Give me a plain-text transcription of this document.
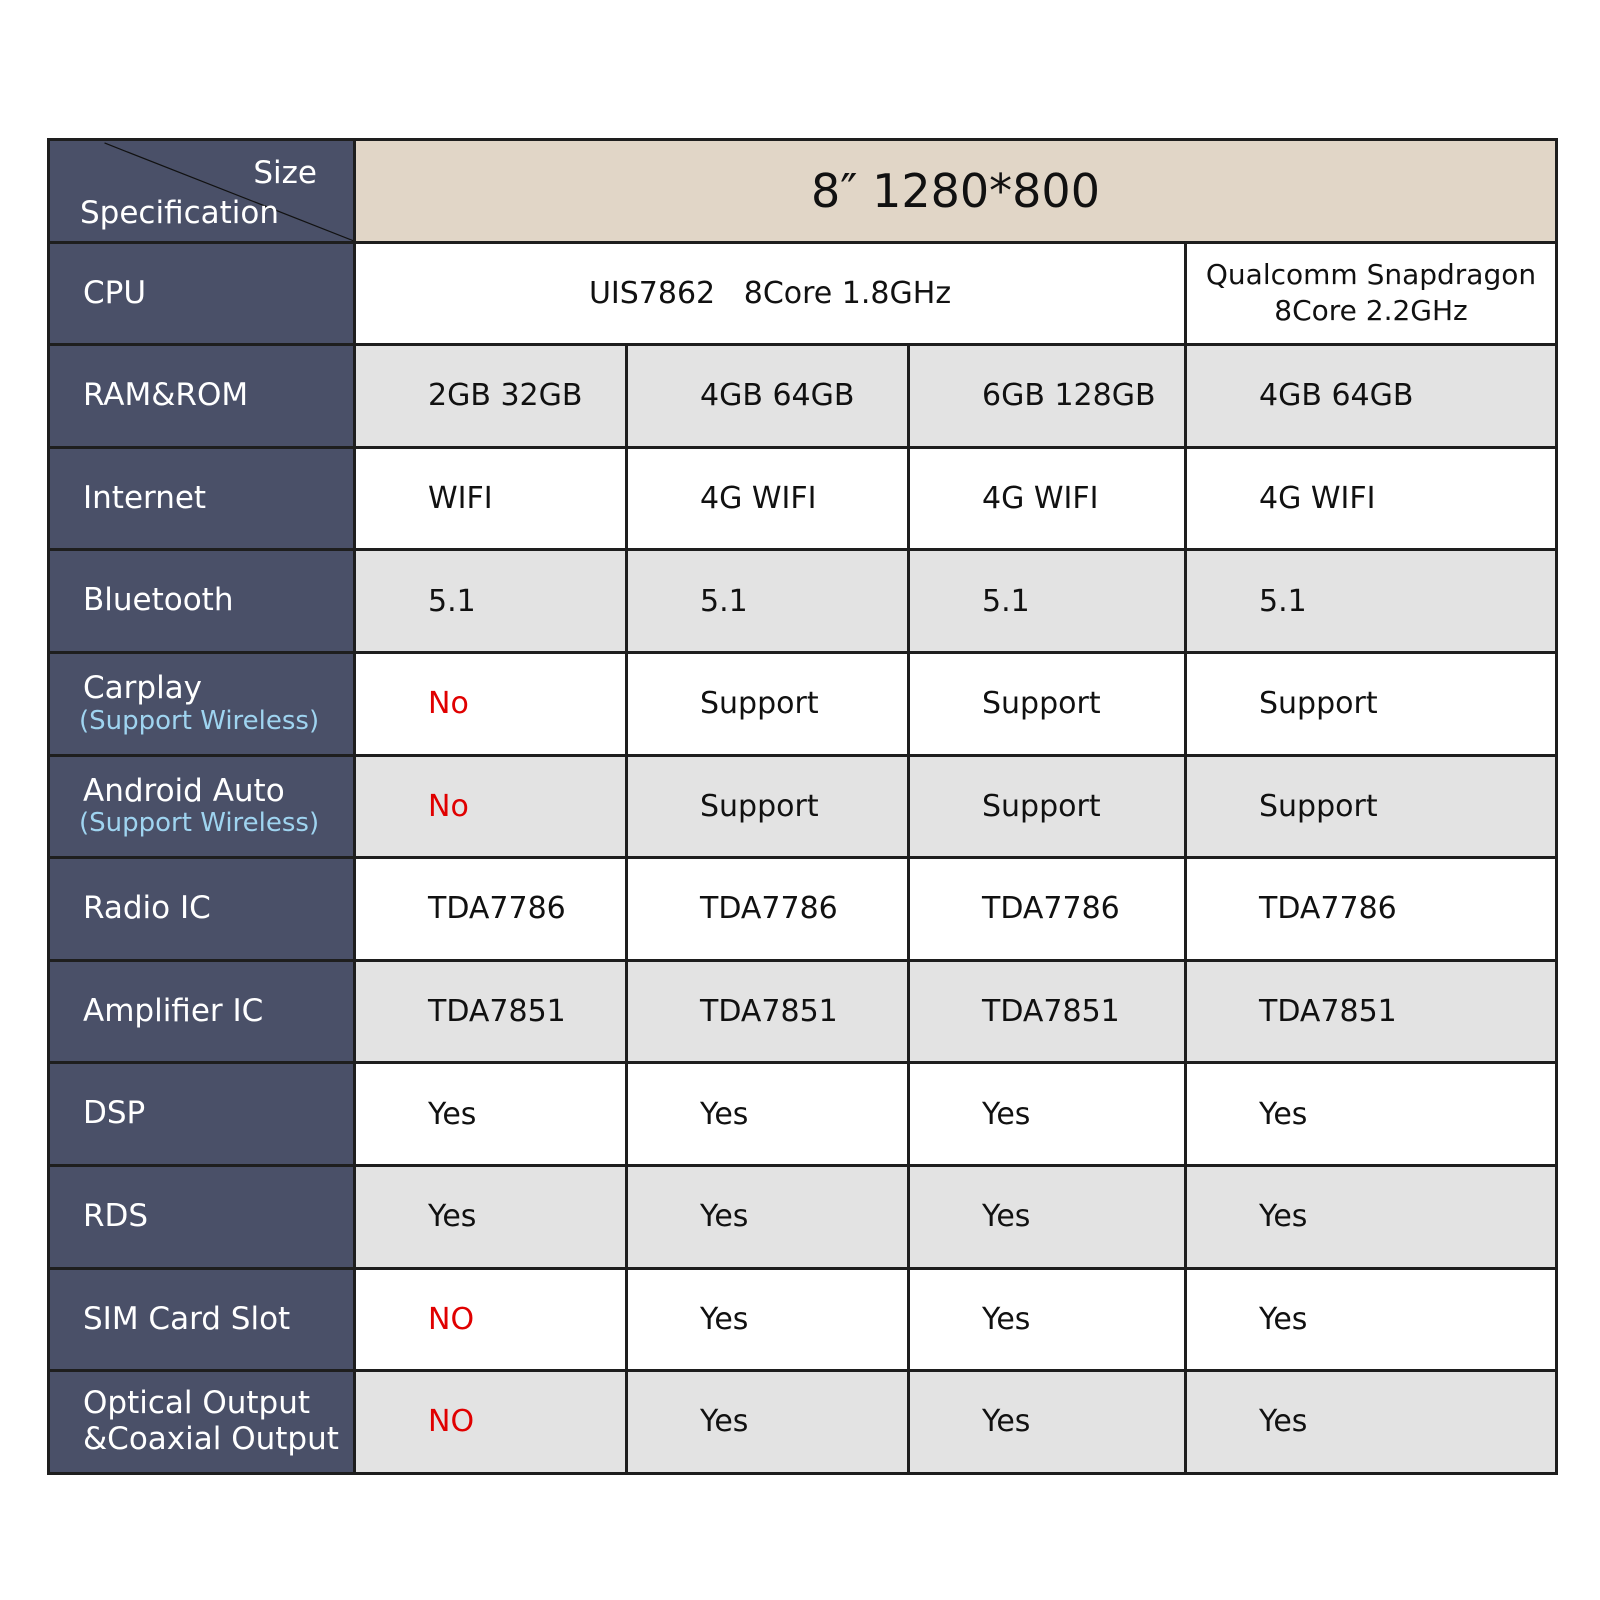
Size
Specification	8″ 1280*800			
CPU	UIS7862   8Core 1.8GHz			Qualcomm Snapdragon
8Core 2.2GHz
RAM&ROM	2GB 32GB	4GB 64GB	6GB 128GB	4GB 64GB
Internet	WIFI	4G WIFI	4G WIFI	4G WIFI
Bluetooth	5.1	5.1	5.1	5.1
Carplay
(Support Wireless)	No	Support	Support	Support
Android Auto
(Support Wireless)	No	Support	Support	Support
Radio IC	TDA7786	TDA7786	TDA7786	TDA7786
Amplifier IC	TDA7851	TDA7851	TDA7851	TDA7851
DSP	Yes	Yes	Yes	Yes
RDS	Yes	Yes	Yes	Yes
SIM Card Slot	NO	Yes	Yes	Yes
Optical Output
&Coaxial Output	NO	Yes	Yes	Yes
